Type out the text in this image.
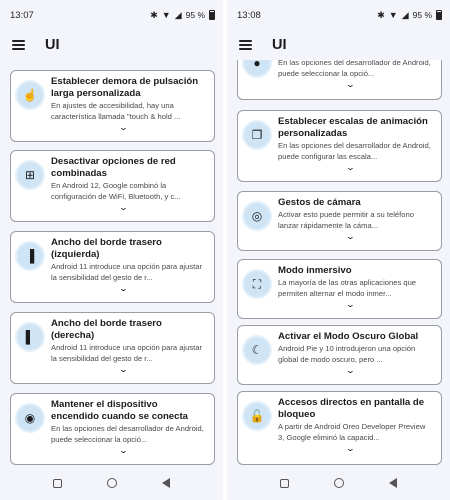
13:07	✱ ▼ ◢ 95 %
UI
☝
Establecer demora de pulsación larga personalizada
En ajustes de accesibilidad, hay una característica llamada "touch & hold ...
⌄
⊞
Desactivar opciones de red combinadas
En Android 12, Google combinó la configuración de WiFi, Bluetooth, y c...
⌄
▐
Ancho del borde trasero (izquierda)
Android 11 introduce una opción para ajustar la sensibilidad del gesto de r...
⌄
▌
Ancho del borde trasero (derecha)
Android 11 introduce una opción para ajustar la sensibilidad del gesto de r...
⌄
◉
Mantener el dispositivo encendido cuando se conecta
En las opciones del desarrollador de Android, puede seleccionar la opció...
⌄
13:08	✱ ▼ ◢ 95 %
UI
●	En las opciones del desarrollador de Android, puede seleccionar la opció...
⌄
❐
Establecer escalas de animación personalizadas
En las opciones del desarrollador de Android, puede configurar las escala...
⌄
◎
Gestos de cámara
Activar esto puede permitir a su teléfono lanzar rápidamente la cáma...
⌄
⛶
Modo inmersivo
La mayoría de las otras aplicaciones que permiten alternar el modo inmer...
⌄
☾
Activar el Modo Oscuro Global
Android Pie y 10 introdujeron una opción global de modo oscuro, pero ...
⌄
🔓
Accesos directos en pantalla de bloqueo
A partir de Android Oreo Developer Preview 3, Google eliminó la capacid...
⌄
